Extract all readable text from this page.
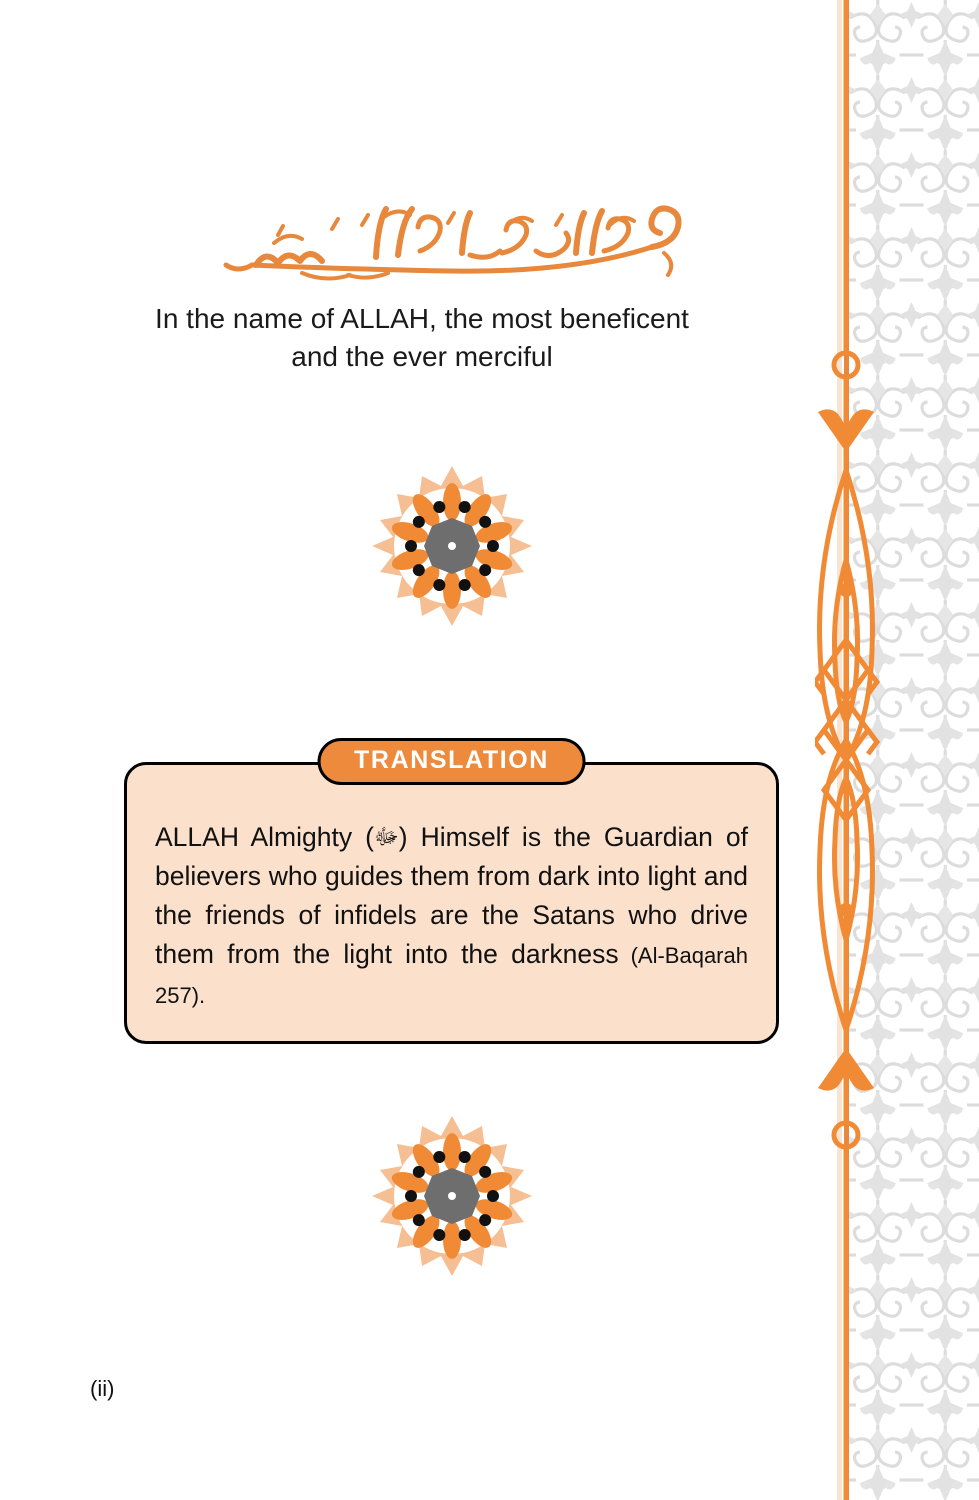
In the name of ALLAH, the most beneficent
and the ever merciful
TRANSLATION
ALLAH Almighty (ﷻ) Himself is the Guardian of believers who guides them from dark into light and the friends of infidels are the Satans who drive them from the light into the darkness (Al-Baqarah 257).
(ii)
